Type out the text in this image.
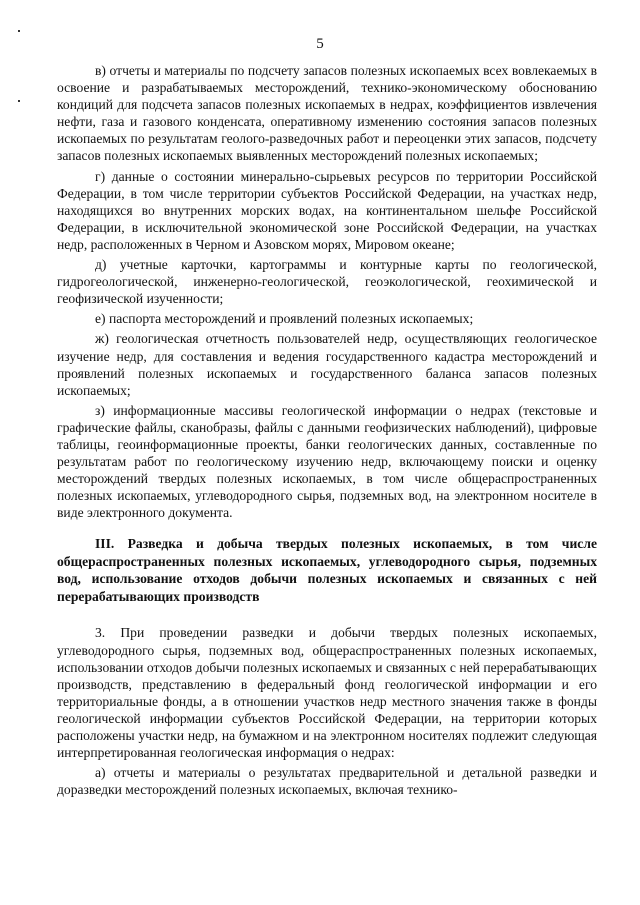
5

в) отчеты и материалы по подсчету запасов полезных ископаемых всех вовлекаемых в освоение и разрабатываемых месторождений, технико-экономическому обоснованию кондиций для подсчета запасов полезных ископаемых в недрах, коэффициентов извлечения нефти, газа и газового конденсата, оперативному изменению состояния запасов полезных ископаемых по результатам геолого-разведочных работ и переоценки этих запасов, подсчету запасов полезных ископаемых выявленных месторождений полезных ископаемых;

г) данные о состоянии минерально-сырьевых ресурсов по территории Российской Федерации, в том числе территории субъектов Российской Федерации, на участках недр, находящихся во внутренних морских водах, на континентальном шельфе Российской Федерации, в исключительной экономической зоне Российской Федерации, на участках недр, расположенных в Черном и Азовском морях, Мировом океане;

д) учетные карточки, картограммы и контурные карты по геологической, гидрогеологической, инженерно-геологической, геоэкологической, геохимической и геофизической изученности;

е) паспорта месторождений и проявлений полезных ископаемых;

ж) геологическая отчетность пользователей недр, осуществляющих геологическое изучение недр, для составления и ведения государственного кадастра месторождений и проявлений полезных ископаемых и государственного баланса запасов полезных ископаемых;

з) информационные массивы геологической информации о недрах (текстовые и графические файлы, сканобразы, файлы с данными геофизических наблюдений), цифровые таблицы, геоинформационные проекты, банки геологических данных, составленные по результатам работ по геологическому изучению недр, включающему поиски и оценку месторождений твердых полезных ископаемых, в том числе общераспространенных полезных ископаемых, углеводородного сырья, подземных вод, на электронном носителе в виде электронного документа.

III. Разведка и добыча твердых полезных ископаемых, в том числе общераспространенных полезных ископаемых, углеводородного сырья, подземных вод, использование отходов добычи полезных ископаемых и связанных с ней перерабатывающих производств

3. При проведении разведки и добычи твердых полезных ископаемых, углеводородного сырья, подземных вод, общераспространенных полезных ископаемых, использовании отходов добычи полезных ископаемых и связанных с ней перерабатывающих производств, представлению в федеральный фонд геологической информации и его территориальные фонды, а в отношении участков недр местного значения также в фонды геологической информации субъектов Российской Федерации, на территории которых расположены участки недр, на бумажном и на электронном носителях подлежит следующая интерпретированная геологическая информация о недрах:

а) отчеты и материалы о результатах предварительной и детальной разведки и доразведки месторождений полезных ископаемых, включая технико-
